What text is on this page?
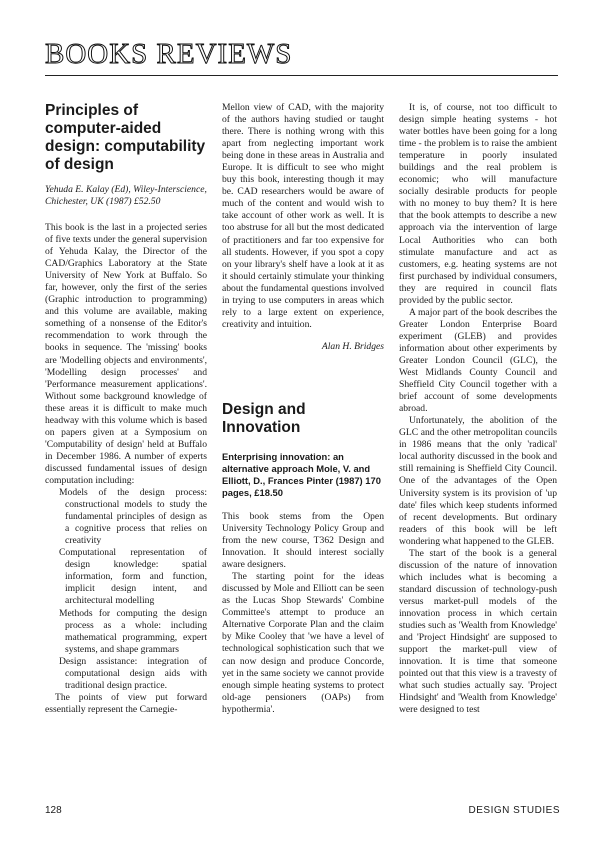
BOOKS REVIEWS
Principles of computer-aided design: computability of design
Yehuda E. Kalay (Ed), Wiley-Interscience, Chichester, UK (1987) £52.50

This book is the last in a projected series of five texts under the general supervision of Yehuda Kalay, the Director of the CAD/Graphics Laboratory at the State University of New York at Buffalo. So far, however, only the first of the series (Graphic introduction to programming) and this volume are available, making something of a nonsense of the Editor's recommendation to work through the books in sequence. The 'missing' books are 'Modelling objects and environments', 'Modelling design processes' and 'Performance measurement applications'. Without some background knowledge of these areas it is difficult to make much headway with this volume which is based on papers given at a Symposium on 'Computability of design' held at Buffalo in December 1986. A number of experts discussed fundamental issues of design computation including:

Models of the design process: constructional models to study the fundamental principles of design as a cognitive process that relies on creativity
Computational representation of design knowledge: spatial information, form and function, implicit design intent, and architectural modelling
Methods for computing the design process as a whole: including mathematical programming, expert systems, and shape grammars
Design assistance: integration of computational design aids with traditional design practice.

The points of view put forward essentially represent the Carnegie-

Mellon view of CAD, with the majority of the authors having studied or taught there. There is nothing wrong with this apart from neglecting important work being done in these areas in Australia and Europe. It is difficult to see who might buy this book, interesting though it may be. CAD researchers would be aware of much of the content and would wish to take account of other work as well. It is too abstruse for all but the most dedicated of practitioners and far too expensive for all students. However, if you spot a copy on your library's shelf have a look at it as it should certainly stimulate your thinking about the fundamental questions involved in trying to use computers in areas which rely to a large extent on experience, creativity and intuition.

Alan H. Bridges
Design and Innovation
Enterprising innovation: an alternative approach Mole, V. and Elliott, D., Frances Pinter (1987) 170 pages, £18.50

This book stems from the Open University Technology Policy Group and from the new course, T362 Design and Innovation. It should interest socially aware designers.

The starting point for the ideas discussed by Mole and Elliott can be seen as the Lucas Shop Stewards' Combine Committee's attempt to produce an Alternative Corporate Plan and the claim by Mike Cooley that 'we have a level of technological sophistication such that we can now design and produce Concorde, yet in the same society we cannot provide enough simple heating systems to protect old-age pensioners (OAPs) from hypothermia'.

It is, of course, not too difficult to design simple heating systems - hot water bottles have been going for a long time - the problem is to raise the ambient temperature in poorly insulated buildings and the real problem is economic; who will manufacture socially desirable products for people with no money to buy them? It is here that the book attempts to describe a new approach via the intervention of large Local Authorities who can both stimulate manufacture and act as customers, e.g. heating systems are not first purchased by individual consumers, they are required in council flats provided by the public sector.

A major part of the book describes the Greater London Enterprise Board experiment (GLEB) and provides information about other experiments by Greater London Council (GLC), the West Midlands County Council and Sheffield City Council together with a brief account of some developments abroad.

Unfortunately, the abolition of the GLC and the other metropolitan councils in 1986 means that the only 'radical' local authority discussed in the book and still remaining is Sheffield City Council. One of the advantages of the Open University system is its provision of 'up date' files which keep students informed of recent developments. But ordinary readers of this book will be left wondering what happened to the GLEB.

The start of the book is a general discussion of the nature of innovation which includes what is becoming a standard discussion of technology-push versus market-pull models of the innovation process in which certain studies such as 'Wealth from Knowledge' and 'Project Hindsight' are supposed to support the market-pull view of innovation. It is time that someone pointed out that this view is a travesty of what such studies actually say. 'Project Hindsight' and 'Wealth from Knowledge' were designed to test

128	DESIGN STUDIES
